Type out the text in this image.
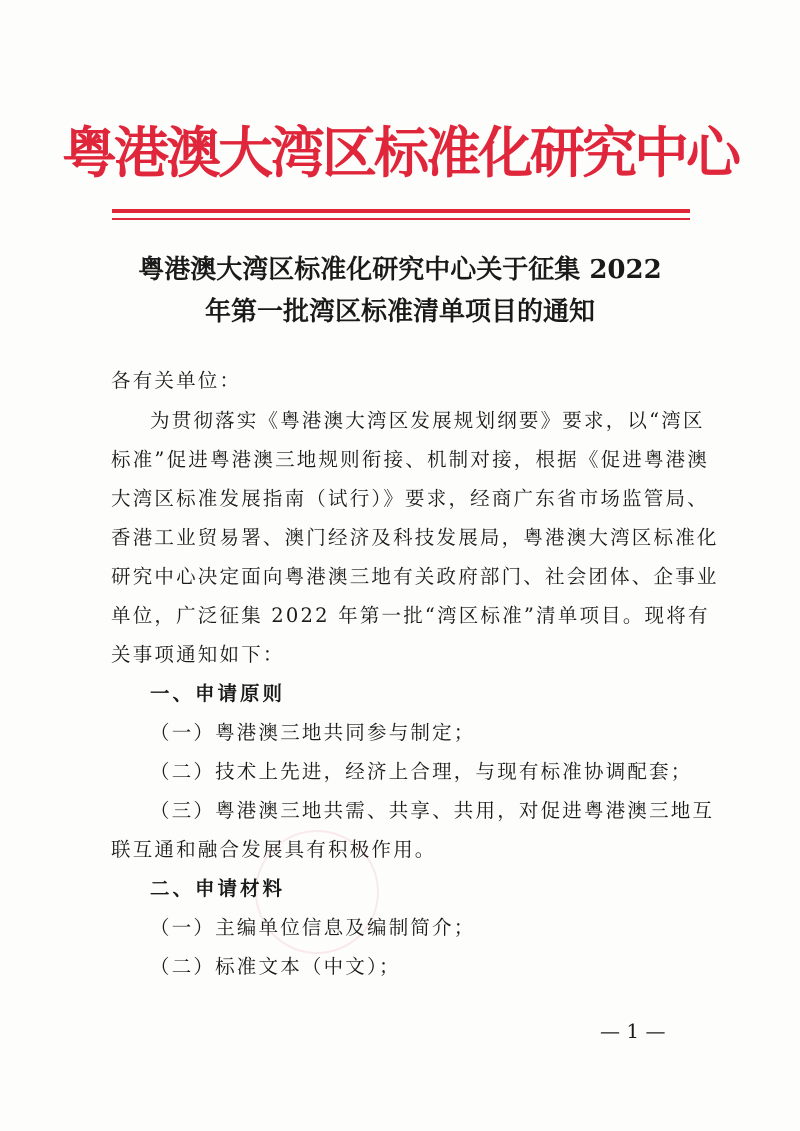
粤港澳大湾区标准化研究中心
粤港澳大湾区标准化研究中心关于征集 2022
年第一批湾区标准清单项目的通知
各有关单位：
为贯彻落实《粤港澳大湾区发展规划纲要》要求，以“湾区
标准”促进粤港澳三地规则衔接、机制对接，根据《促进粤港澳
大湾区标准发展指南（试行）》要求，经商广东省市场监管局、
香港工业贸易署、澳门经济及科技发展局，粤港澳大湾区标准化
研究中心决定面向粤港澳三地有关政府部门、社会团体、企事业
单位，广泛征集 2022 年第一批“湾区标准”清单项目。现将有
关事项通知如下：
一、申请原则
（一）粤港澳三地共同参与制定；
（二）技术上先进，经济上合理，与现有标准协调配套；
（三）粤港澳三地共需、共享、共用，对促进粤港澳三地互
联互通和融合发展具有积极作用。
二、申请材料
（一）主编单位信息及编制简介；
（二）标准文本（中文）；
— 1 —
